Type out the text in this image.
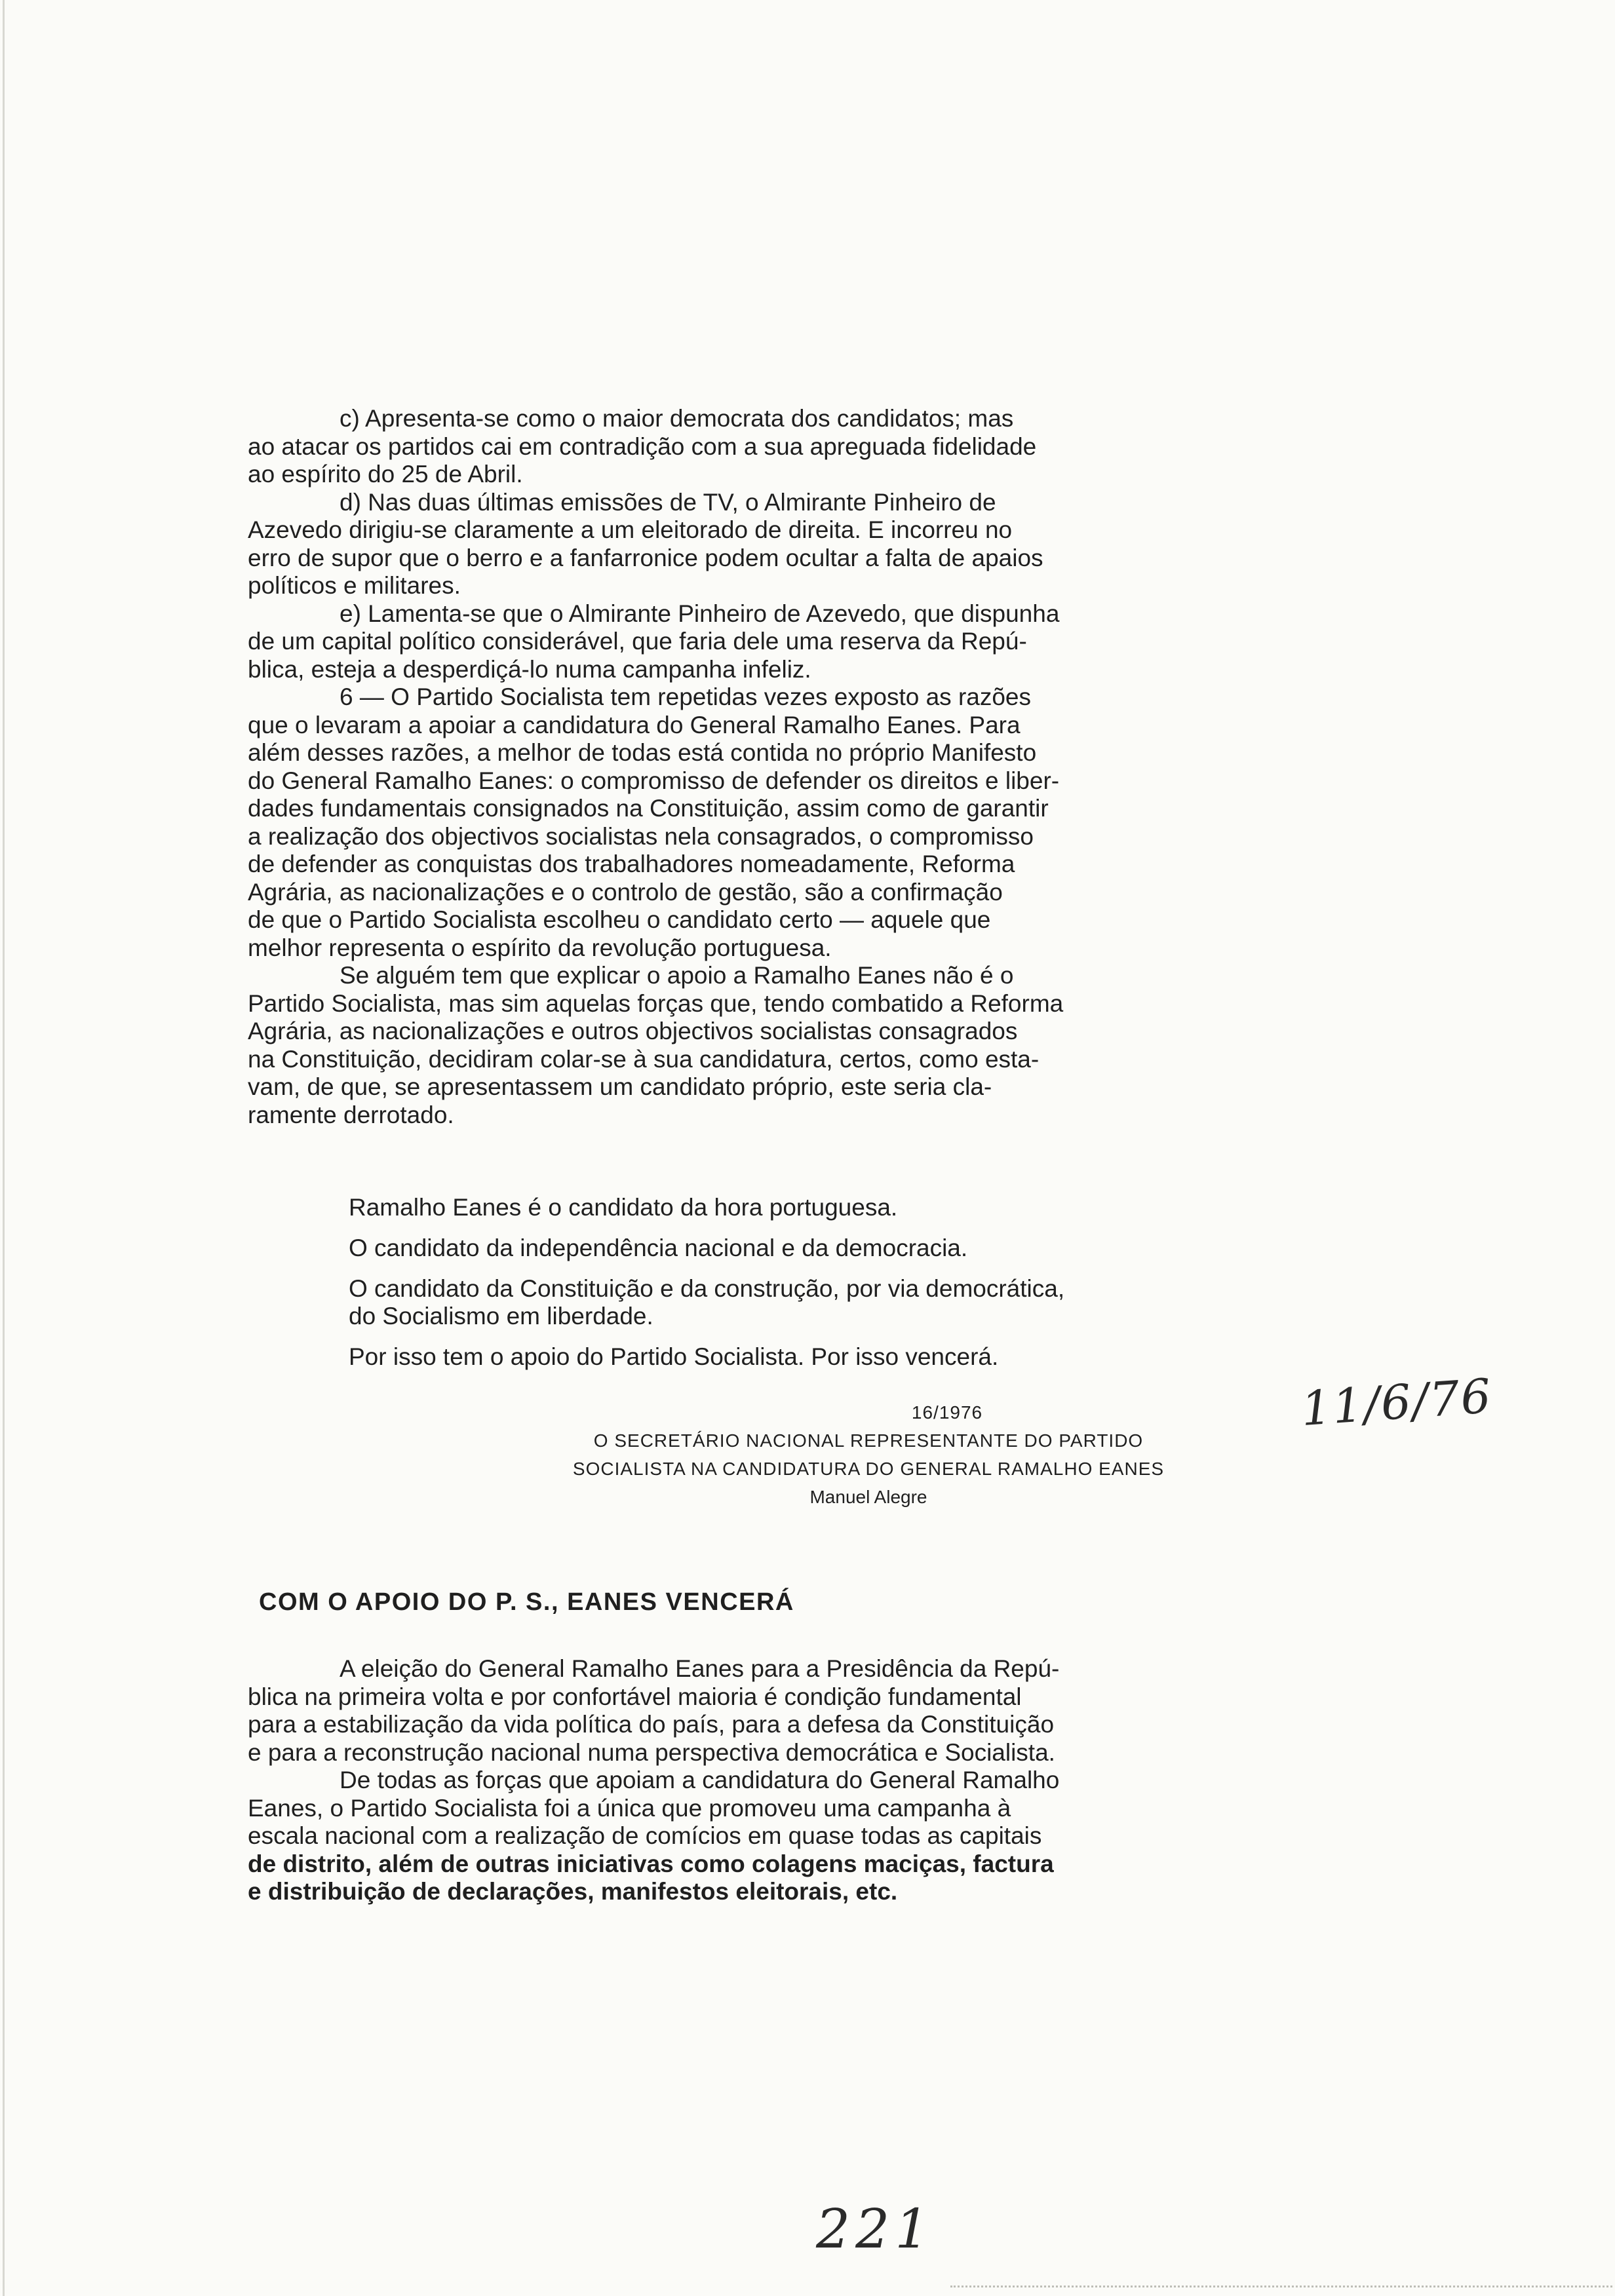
c) Apresenta-se como o maior democrata dos candidatos; mas
ao atacar os partidos cai em contradição com a sua apreguada fidelidade
ao espírito do 25 de Abril.

d) Nas duas últimas emissões de TV, o Almirante Pinheiro de
Azevedo dirigiu-se claramente a um eleitorado de direita. E incorreu no
erro de supor que o berro e a fanfarronice podem ocultar a falta de apaios
políticos e militares.

e) Lamenta-se que o Almirante Pinheiro de Azevedo, que dispunha
de um capital político considerável, que faria dele uma reserva da Repú-
blica, esteja a desperdiçá-lo numa campanha infeliz.

6 — O Partido Socialista tem repetidas vezes exposto as razões
que o levaram a apoiar a candidatura do General Ramalho Eanes. Para
além desses razões, a melhor de todas está contida no próprio Manifesto
do General Ramalho Eanes: o compromisso de defender os direitos e liber-
dades fundamentais consignados na Constituição, assim como de garantir
a realização dos objectivos socialistas nela consagrados, o compromisso
de defender as conquistas dos trabalhadores nomeadamente, Reforma
Agrária, as nacionalizações e o controlo de gestão, são a confirmação
de que o Partido Socialista escolheu o candidato certo — aquele que
melhor representa o espírito da revolução portuguesa.

Se alguém tem que explicar o apoio a Ramalho Eanes não é o
Partido Socialista, mas sim aquelas forças que, tendo combatido a Reforma
Agrária, as nacionalizações e outros objectivos socialistas consagrados
na Constituição, decidiram colar-se à sua candidatura, certos, como esta-
vam, de que, se apresentassem um candidato próprio, este seria cla-
ramente derrotado.

Ramalho Eanes é o candidato da hora portuguesa.

O candidato da independência nacional e da democracia.

O candidato da Constituição e da construção, por via democrática,
do Socialismo em liberdade.

Por isso tem o apoio do Partido Socialista. Por isso vencerá.

16/1976
O SECRETÁRIO NACIONAL REPRESENTANTE DO PARTIDO
SOCIALISTA NA CANDIDATURA DO GENERAL RAMALHO EANES
Manuel Alegre
11/6/76
COM O APOIO DO P. S., EANES VENCERÁ

A eleição do General Ramalho Eanes para a Presidência da Repú-
blica na primeira volta e por confortável maioria é condição fundamental
para a estabilização da vida política do país, para a defesa da Constituição
e para a reconstrução nacional numa perspectiva democrática e Socialista.

De todas as forças que apoiam a candidatura do General Ramalho
Eanes, o Partido Socialista foi a única que promoveu uma campanha à
escala nacional com a realização de comícios em quase todas as capitais

de distrito, além de outras iniciativas como colagens maciças, factura
e distribuição de declarações, manifestos eleitorais, etc.

221
